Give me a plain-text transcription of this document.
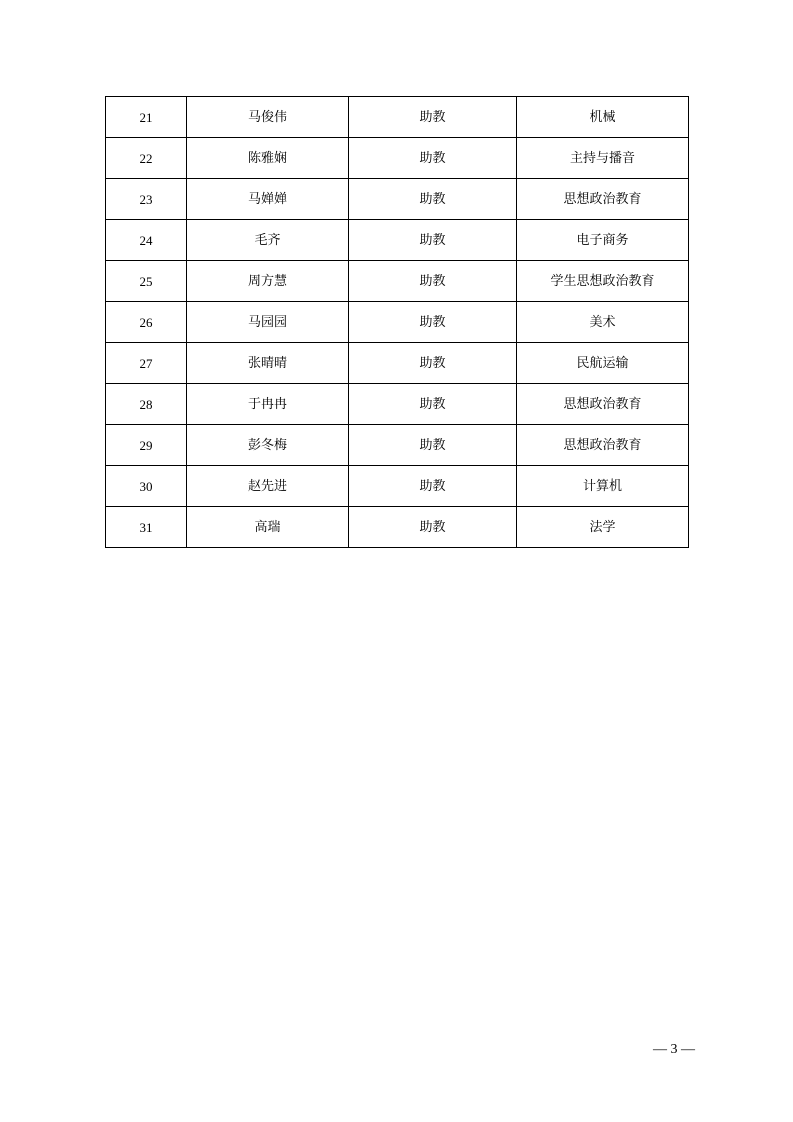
21	马俊伟	助教	机械
22	陈雅娴	助教	主持与播音
23	马婵婵	助教	思想政治教育
24	毛齐	助教	电子商务
25	周方慧	助教	学生思想政治教育
26	马园园	助教	美术
27	张晴晴	助教	民航运输
28	于冉冉	助教	思想政治教育
29	彭冬梅	助教	思想政治教育
30	赵先进	助教	计算机
31	高瑞	助教	法学
— 3 —
